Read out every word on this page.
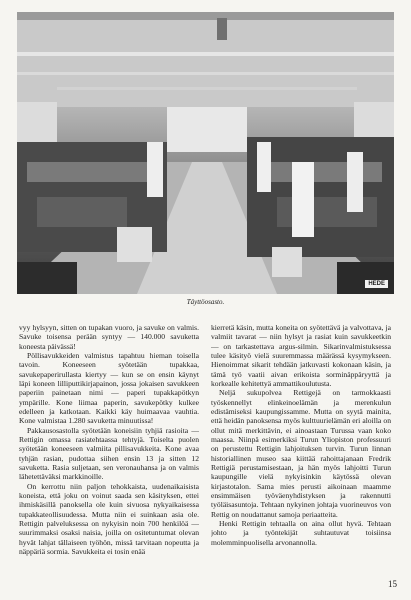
HEDE
Täyttöosasto.

vyy hylsyyn, sitten on tupakan vuoro, ja savuke on valmis. Savuke toisensa perään syntyy — 140.000 savuketta koneesta päivässä!

Pöllisavukkeiden valmistus tapahtuu hieman toisella tavoin. Koneeseen syötetään tupakkaa, savukepaperirullasta kiertyy — kun se on ensin käynyt läpi koneen lilliputtikirjapainon, jossa jokaisen savukkeen paperiin painetaan nimi — paperi tupakkapötkyn ympärille. Kone liimaa paperin, savukepötky kulkee edelleen ja katkotaan. Kaikki käy huimaavaa vauhtia. Kone valmistaa 1.280 savuketta minuutissa!

Pakkausosastolla syötetään koneisiin tyhjiä rasioita — Rettigin omassa rasiatehtaassa tehtyjä. Toiselta puolen syötetään koneeseen valmiita pillisavukkeita. Kone avaa tyhjän rasian, pudottaa siihen ensin 13 ja sitten 12 savuketta. Rasia suljetaan, sen veronauhansa ja on valmis lähetettäväksi markkinoille.

On kerrottu niin paljon tehokkaista, uudenaikaisista koneista, että joku on voinut saada sen käsityksen, ettei ihmiskäsillä panoksella ole kuin sivuosa nykyaikaisessa tupakkateollisuudessa. Mutta niin ei suinkaan asia ole. Rettigin palveluksessa on nykyisin noin 700 henkilöä — suurimmaksi osaksi naisia, joilla on ositetuntumat olevan hyvät lahjat tällaiseen työhön, missä tarvitaan nopeutta ja näppäriä sormia. Savukkeita ei tosin enää

kierretä käsin, mutta koneita on syötettävä ja valvottava, ja valmiit tavarat — niin hylsyt ja rasiat kuin savukkeetkin — on tarkastettava argus-silmin. Sikarinvalmistuksessa tulee käsityö vielä suuremmassa määrässä kysymykseen. Hienoimmat sikarit tehdään jatkuvasti kokonaan käsin, ja tämä työ vaatii aivan erikoista sorminäppäryyttä ja korkealle kehitettyä ammattikoulutusta.

Neljä sukupolvea Rettigejä on tarmokkaasti työskennellyt elinkeinoelämän ja merenkulun edistämiseksi kaupungissamme. Mutta on syytä mainita, että heidän panoksensa myös kulttuurielämän eri aloilla on ollut mitä merkittävin, ei ainoastaan Turussa vaan koko maassa. Niinpä esimerkiksi Turun Yliopiston professuuri on perustettu Rettigin lahjoituksen turvin. Turun linnan historiallinen museo saa kiittää rahoittajanaan Fredrik Rettigiä perustamisestaan, ja hän myös lahjoitti Turun kaupungille vielä nykyisinkin käytössä olevan kirjastotalon. Sama mies perusti aikoinaan maamme ensimmäisen työväenyhdistyksen ja rakennutti työläisasuntoja. Tehtaan nykyinen johtaja vuorineuvos von Rettig on noudattanut samoja periaatteita.

Henki Rettigin tehtaalla on aina ollut hyvä. Tehtaan johto ja työntekijät suhtautuvat toisiinsa molemminpuolisella arvonannolla.

15
